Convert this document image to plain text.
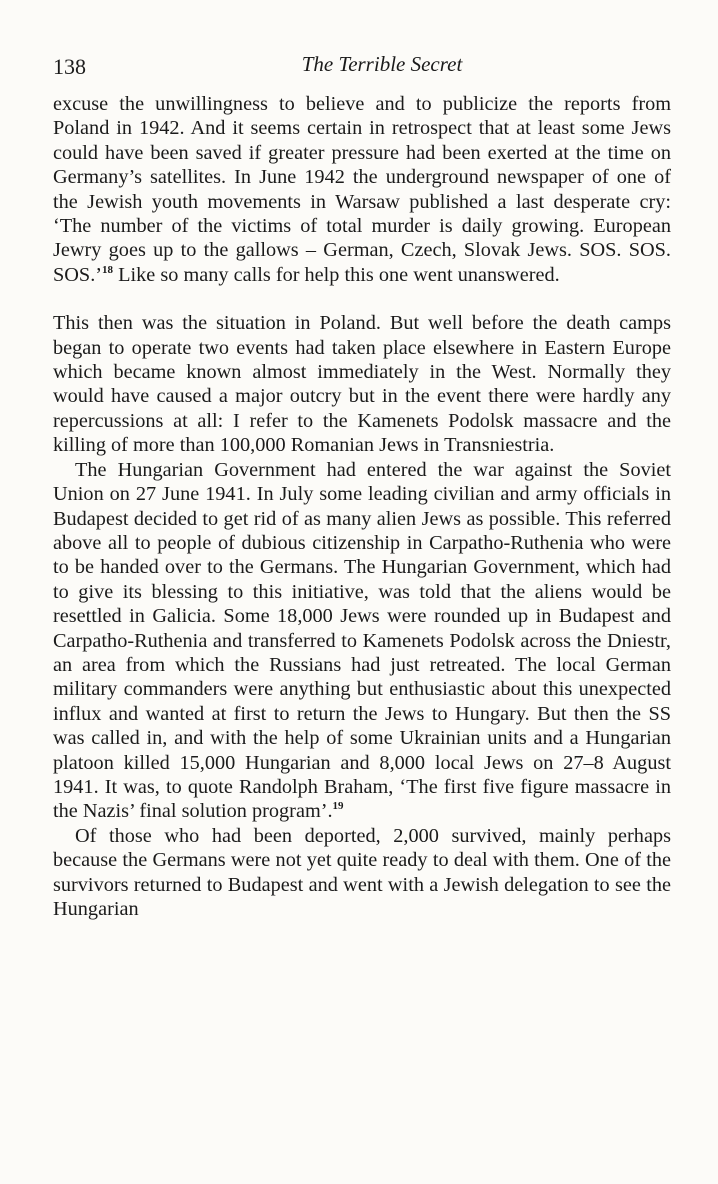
138	The Terrible Secret

excuse the unwillingness to believe and to publicize the reports from Poland in 1942. And it seems certain in retrospect that at least some Jews could have been saved if greater pressure had been exerted at the time on Germany’s satellites. In June 1942 the underground newspaper of one of the Jewish youth movements in Warsaw published a last desperate cry: ‘The number of the victims of total murder is daily growing. European Jewry goes up to the gallows – German, Czech, Slovak Jews. SOS. SOS. SOS.’$^{18}$ Like so many calls for help this one went unanswered.

This then was the situation in Poland. But well before the death camps began to operate two events had taken place elsewhere in Eastern Europe which became known almost immediately in the West. Normally they would have caused a major outcry but in the event there were hardly any repercussions at all: I refer to the Kamenets Podolsk massacre and the killing of more than 100,000 Romanian Jews in Transniestria.

The Hungarian Government had entered the war against the Soviet Union on 27 June 1941. In July some leading civilian and army officials in Budapest decided to get rid of as many alien Jews as possible. This referred above all to people of dubious citizenship in Carpatho-Ruthenia who were to be handed over to the Germans. The Hungarian Government, which had to give its blessing to this initiative, was told that the aliens would be resettled in Galicia. Some 18,000 Jews were rounded up in Budapest and Carpatho-Ruthenia and transferred to Kamenets Podolsk across the Dniestr, an area from which the Russians had just retreated. The local German military commanders were anything but enthusiastic about this unexpected influx and wanted at first to return the Jews to Hungary. But then the SS was called in, and with the help of some Ukrainian units and a Hungarian platoon killed 15,000 Hungarian and 8,000 local Jews on 27–8 August 1941. It was, to quote Randolph Braham, ‘The first five figure massacre in the Nazis’ final solution program’.$^{19}$

Of those who had been deported, 2,000 survived, mainly perhaps because the Germans were not yet quite ready to deal with them. One of the survivors returned to Budapest and went with a Jewish delegation to see the Hungarian
